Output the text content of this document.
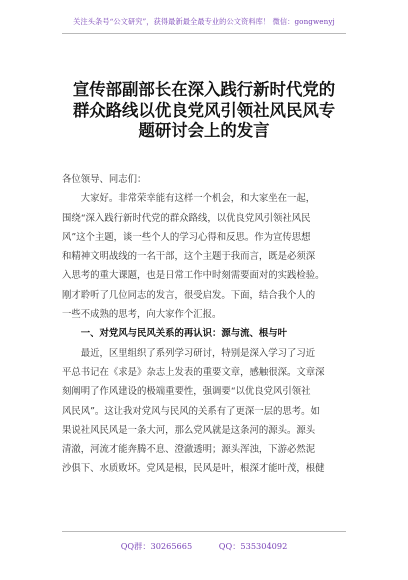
关注头条号“公文研究”，获得最新最全最专业的公文资料库！ 微信：gongwenyj
宣传部副部长在深入践行新时代党的
群众路线以优良党风引领社风民风专
题研讨会上的发言
各位领导、同志们：
大家好。非常荣幸能有这样一个机会，和大家坐在一起，
围绕“深入践行新时代党的群众路线，以优良党风引领社风民
风”这个主题，谈一些个人的学习心得和反思。作为宣传思想
和精神文明战线的一名干部，这个主题于我而言，既是必须深
入思考的重大课题，也是日常工作中时刻需要面对的实践检验。
刚才聆听了几位同志的发言，很受启发。下面，结合我个人的
一些不成熟的思考，向大家作个汇报。
一、对党风与民风关系的再认识：源与流、根与叶
最近，区里组织了系列学习研讨，特别是深入学习了习近
平总书记在《求是》杂志上发表的重要文章，感触很深。文章深
刻阐明了作风建设的极端重要性，强调要“以优良党风引领社
风民风”。这让我对党风与民风的关系有了更深一层的思考。如
果说社风民风是一条大河，那么党风就是这条河的源头。源头
清澈，河流才能奔腾不息、澄澈透明；源头浑浊，下游必然泥
沙俱下、水质败坏。党风是根，民风是叶，根深才能叶茂，根健
QQ群：30265665	QQ：535304092
